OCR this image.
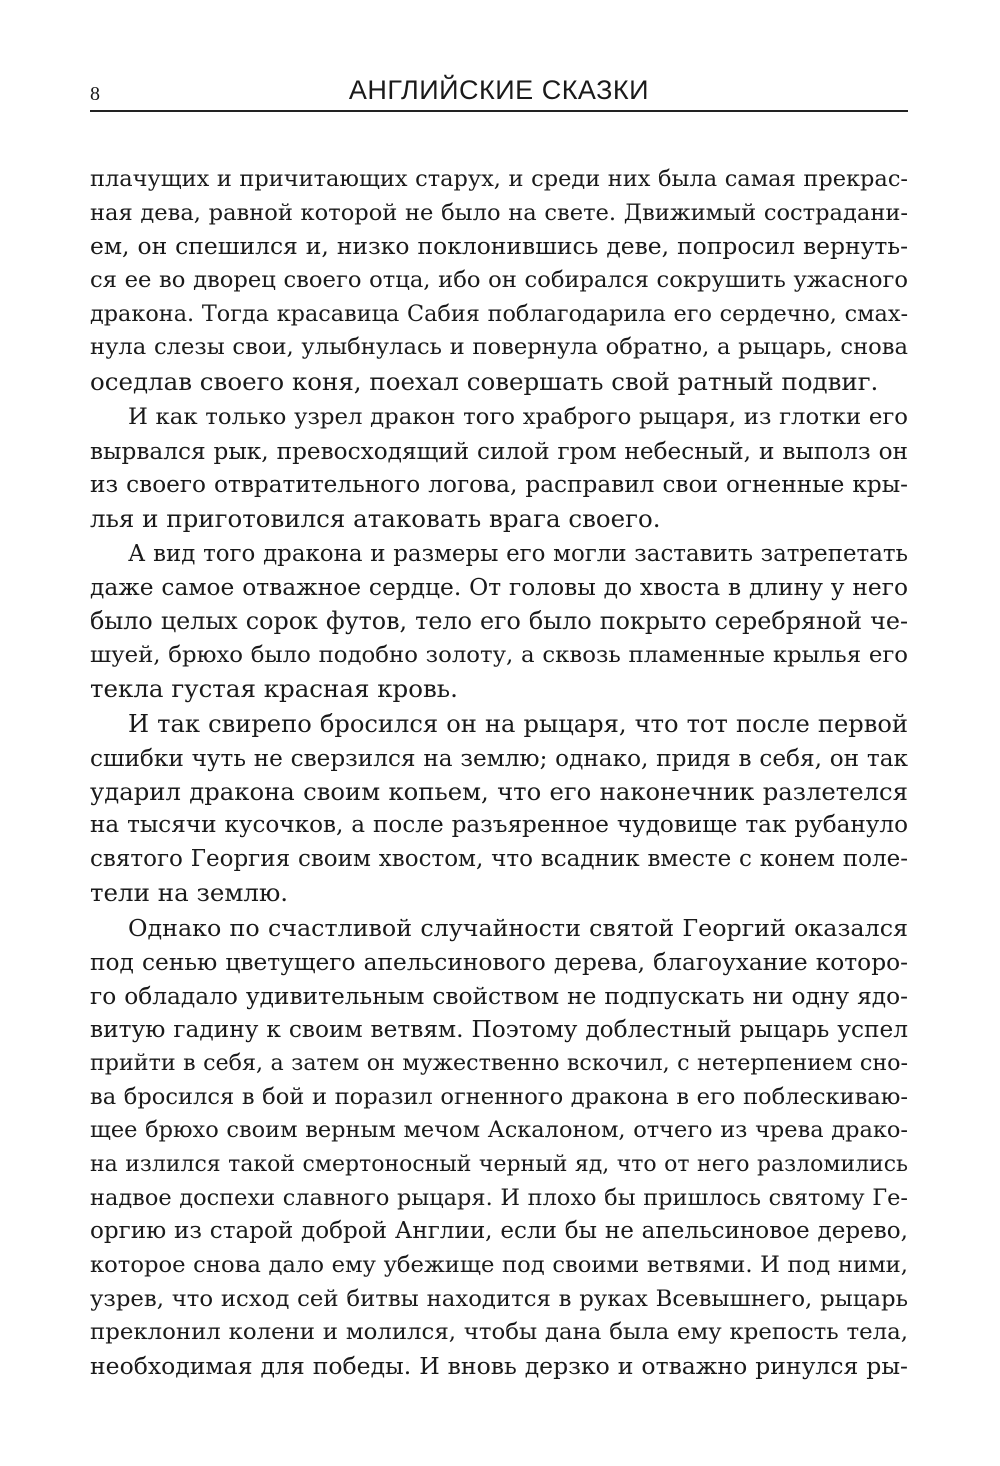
8	АНГЛИЙСКИЕ СКАЗКИ
плачущих и причитающих старух, и среди них была самая прекрас-
ная дева, равной которой не было на свете. Движимый сострадани-
ем, он спешился и, низко поклонившись деве, попросил вернуть-
ся ее во дворец своего отца, ибо он собирался сокрушить ужасного
дракона. Тогда красавица Сабия поблагодарила его сердечно, смах-
нула слезы свои, улыбнулась и повернула обратно, а рыцарь, снова
оседлав своего коня, поехал совершать свой ратный подвиг.
И как только узрел дракон того храброго рыцаря, из глотки его
вырвался рык, превосходящий силой гром небесный, и выполз он
из своего отвратительного логова, расправил свои огненные кры-
лья и приготовился атаковать врага своего.
А вид того дракона и размеры его могли заставить затрепетать
даже самое отважное сердце. От головы до хвоста в длину у него
было целых сорок футов, тело его было покрыто серебряной че-
шуей, брюхо было подобно золоту, а сквозь пламенные крылья его
текла густая красная кровь.
И так свирепо бросился он на рыцаря, что тот после первой
сшибки чуть не сверзился на землю; однако, придя в себя, он так
ударил дракона своим копьем, что его наконечник разлетелся
на тысячи кусочков, а после разъяренное чудовище так рубануло
святого Георгия своим хвостом, что всадник вместе с конем поле-
тели на землю.
Однако по счастливой случайности святой Георгий оказался
под сенью цветущего апельсинового дерева, благоухание которо-
го обладало удивительным свойством не подпускать ни одну ядо-
витую гадину к своим ветвям. Поэтому доблестный рыцарь успел
прийти в себя, а затем он мужественно вскочил, с нетерпением сно-
ва бросился в бой и поразил огненного дракона в его поблескиваю-
щее брюхо своим верным мечом Аскалоном, отчего из чрева драко-
на излился такой смертоносный черный яд, что от него разломились
надвое доспехи славного рыцаря. И плохо бы пришлось святому Ге-
оргию из старой доброй Англии, если бы не апельсиновое дерево,
которое снова дало ему убежище под своими ветвями. И под ними,
узрев, что исход сей битвы находится в руках Всевышнего, рыцарь
преклонил колени и молился, чтобы дана была ему крепость тела,
необходимая для победы. И вновь дерзко и отважно ринулся ры-
